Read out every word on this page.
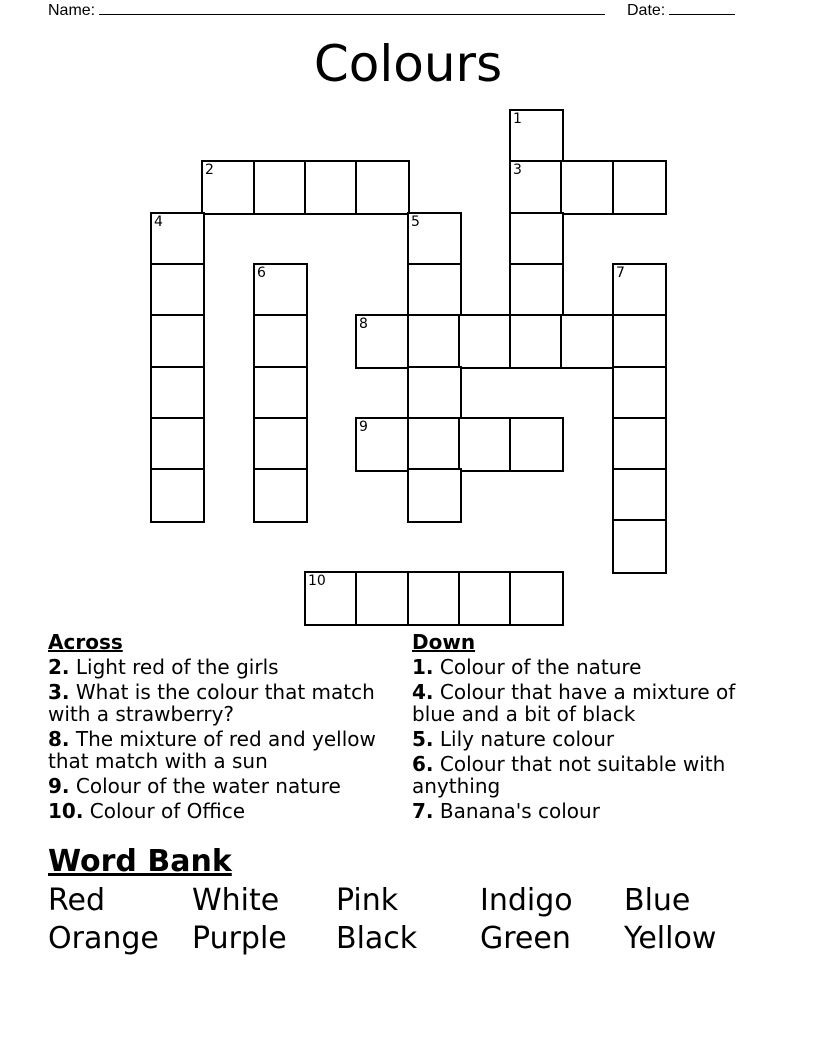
Name:	Date:
Colours
1
2	3
4	5
6	7
8
9
10
Across
2. Light red of the girls
3. What is the colour that match with a strawberry?
8. The mixture of red and yellow that match with a sun
9. Colour of the water nature
10. Colour of Office
Down
1. Colour of the nature
4. Colour that have a mixture of blue and a bit of black
5. Lily nature colour
6. Colour that not suitable with anything
7. Banana's colour
Word Bank
Red	White Pink	Indigo Blue
Orange Purple Black Green Yellow
